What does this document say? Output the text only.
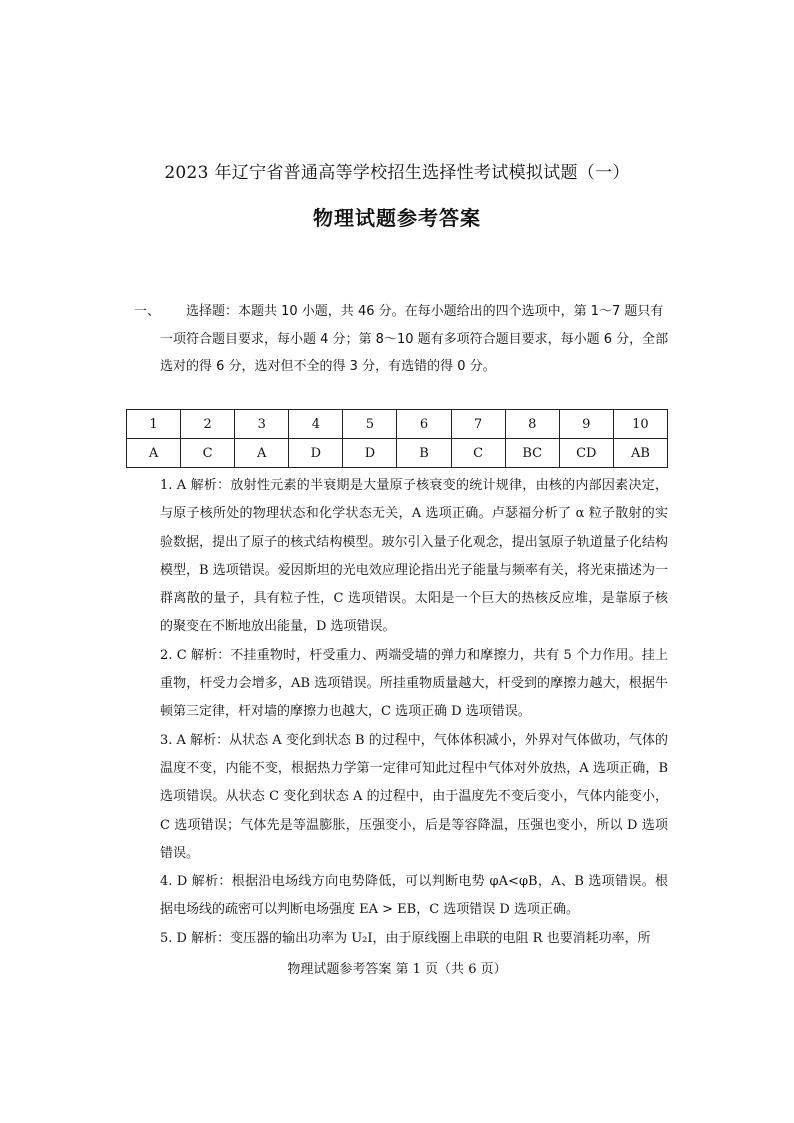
2023 年辽宁省普通高等学校招生选择性考试模拟试题（一）
物理试题参考答案
一、	选择题：本题共 10 小题，共 46 分。在每小题给出的四个选项中，第 1～7 题只有一项符合题目要求，每小题 4 分；第 8～10 题有多项符合题目要求，每小题 6 分，全部选对的得 6 分，选对但不全的得 3 分，有选错的得 0 分。
1	2	3	4	5	6	7	8	9	10
A	C	A	D	D	B	C	BC	CD	AB
1. A 解析：放射性元素的半衰期是大量原子核衰变的统计规律，由核的内部因素决定，与原子核所处的物理状态和化学状态无关，A 选项正确。卢瑟福分析了 α 粒子散射的实验数据，提出了原子的核式结构模型。玻尔引入量子化观念，提出氢原子轨道量子化结构模型，B 选项错误。爱因斯坦的光电效应理论指出光子能量与频率有关，将光束描述为一群离散的量子，具有粒子性，C 选项错误。太阳是一个巨大的热核反应堆，是靠原子核的聚变在不断地放出能量，D 选项错误。
2. C 解析：不挂重物时，杆受重力、两端受墙的弹力和摩擦力，共有 5 个力作用。挂上重物，杆受力会增多，AB 选项错误。所挂重物质量越大，杆受到的摩擦力越大，根据牛顿第三定律，杆对墙的摩擦力也越大，C 选项正确 D 选项错误。
3. A 解析：从状态 A 变化到状态 B 的过程中，气体体积减小，外界对气体做功，气体的温度不变，内能不变，根据热力学第一定律可知此过程中气体对外放热，A 选项正确，B 选项错误。从状态 C 变化到状态 A 的过程中，由于温度先不变后变小，气体内能变小，C 选项错误；气体先是等温膨胀，压强变小，后是等容降温，压强也变小，所以 D 选项错误。
4. D 解析：根据沿电场线方向电势降低，可以判断电势 φA<φB，A、B 选项错误。根据电场线的疏密可以判断电场强度 EA > EB，C 选项错误 D 选项正确。
5. D 解析：变压器的输出功率为 U₂I，由于原线圈上串联的电阻 R 也要消耗功率，所
物理试题参考答案 第 1 页（共 6 页）
